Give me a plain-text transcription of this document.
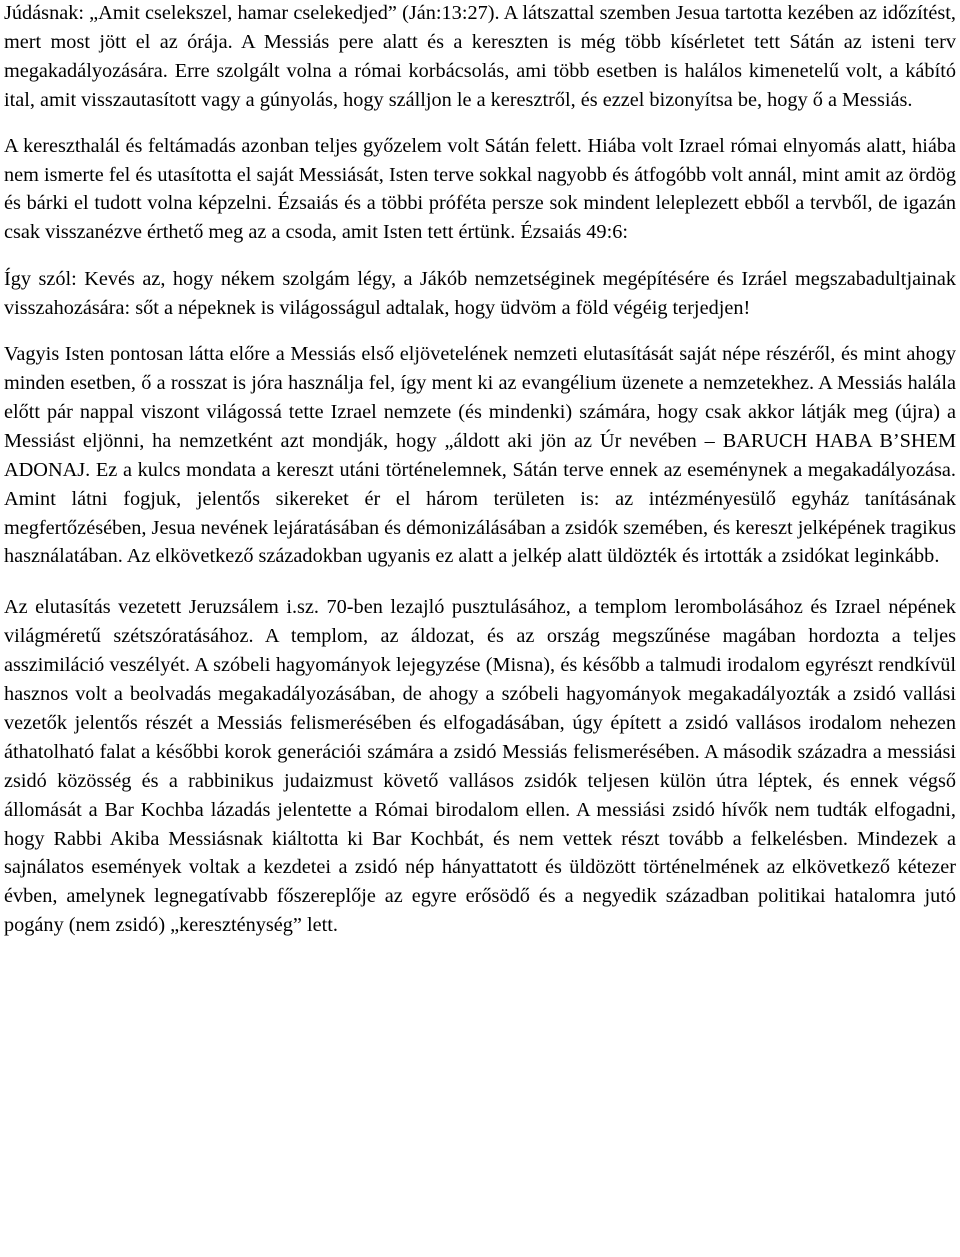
Júdásnak: „Amit cselekszel, hamar cselekedjed” (Ján:13:27). A látszattal szemben Jesua tartotta kezében az időzítést, mert most jött el az órája. A Messiás pere alatt és a kereszten is még több kísérletet tett Sátán az isteni terv megakadályozására. Erre szolgált volna a római korbácsolás, ami több esetben is halálos kimenetelű volt, a kábító ital, amit visszautasított vagy a gúnyolás, hogy szálljon le a keresztről, és ezzel bizonyítsa be, hogy ő a Messiás.

A kereszthalál és feltámadás azonban teljes győzelem volt Sátán felett. Hiába volt Izrael római elnyomás alatt, hiába nem ismerte fel és utasította el saját Messiását, Isten terve sokkal nagyobb és átfogóbb volt annál, mint amit az ördög és bárki el tudott volna képzelni. Ézsaiás és a többi próféta persze sok mindent leleplezett ebből a tervből, de igazán csak visszanézve érthető meg az a csoda, amit Isten tett értünk. Ézsaiás 49:6:

Így szól: Kevés az, hogy nékem szolgám légy, a Jákób nemzetséginek megépítésére és Izráel megszabadultjainak visszahozására: sőt a népeknek is világosságul adtalak, hogy üdvöm a föld végéig terjedjen!

Vagyis Isten pontosan látta előre a Messiás első eljövetelének nemzeti elutasítását saját népe részéről, és mint ahogy minden esetben, ő a rosszat is jóra használja fel, így ment ki az evangélium üzenete a nemzetekhez. A Messiás halála előtt pár nappal viszont világossá tette Izrael nemzete (és mindenki) számára, hogy csak akkor látják meg (újra) a Messiást eljönni, ha nemzetként azt mondják, hogy „áldott aki jön az Úr nevében – BARUCH HABA B’SHEM ADONAJ. Ez a kulcs mondata a kereszt utáni történelemnek, Sátán terve ennek az eseménynek a megakadályozása. Amint látni fogjuk, jelentős sikereket ér el három területen is: az intézményesülő egyház tanításának megfertőzésében, Jesua nevének lejáratásában és démonizálásában a zsidók szemében, és kereszt jelképének tragikus használatában. Az elkövetkező századokban ugyanis ez alatt a jelkép alatt üldözték és irtották a zsidókat leginkább.

Az elutasítás vezetett Jeruzsálem i.sz. 70-ben lezajló pusztulásához, a templom lerombolásához és Izrael népének világméretű szétszóratásához. A templom, az áldozat, és az ország megszűnése magában hordozta a teljes asszimiláció veszélyét. A szóbeli hagyományok lejegyzése (Misna), és később a talmudi irodalom egyrészt rendkívül hasznos volt a beolvadás megakadályozásában, de ahogy a szóbeli hagyományok megakadályozták a zsidó vallási vezetők jelentős részét a Messiás felismerésében és elfogadásában, úgy épített a zsidó vallásos irodalom nehezen áthatolható falat a későbbi korok generációi számára a zsidó Messiás felismerésében. A második századra a messiási zsidó közösség és a rabbinikus judaizmust követő vallásos zsidók teljesen külön útra léptek, és ennek végső állomását a Bar Kochba lázadás jelentette a Római birodalom ellen. A messiási zsidó hívők nem tudták elfogadni, hogy Rabbi Akiba Messiásnak kiáltotta ki Bar Kochbát, és nem vettek részt tovább a felkelésben. Mindezek a sajnálatos események voltak a kezdetei a zsidó nép hányattatott és üldözött történelmének az elkövetkező kétezer évben, amelynek legnegatívabb főszereplője az egyre erősödő és a negyedik században politikai hatalomra jutó pogány (nem zsidó) „kereszténység” lett.
